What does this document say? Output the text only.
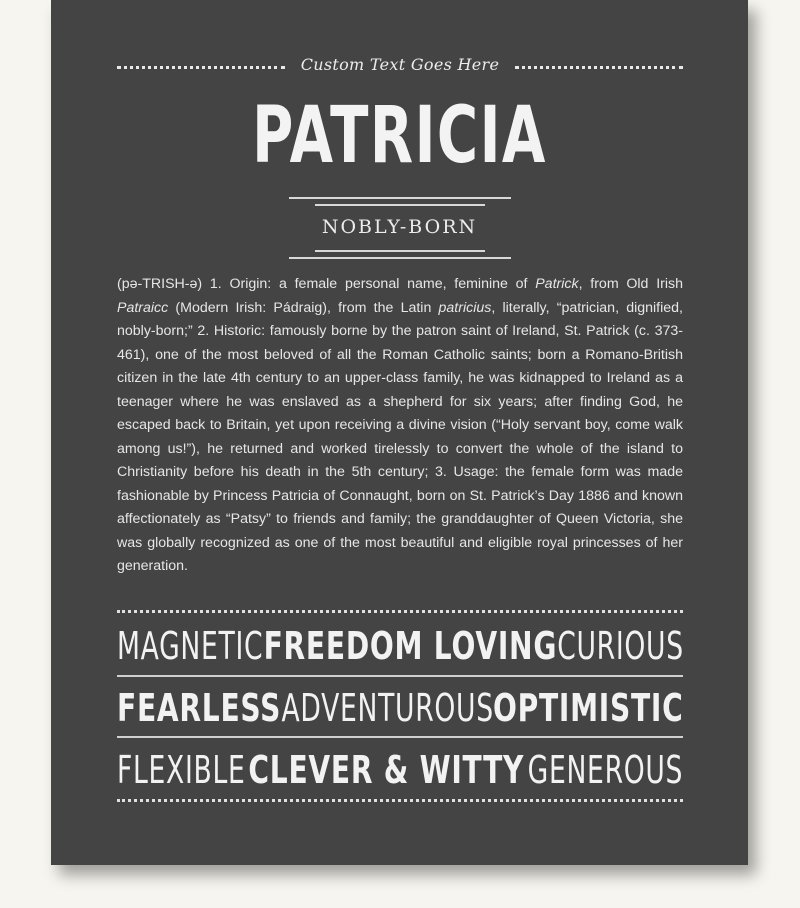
Custom Text Goes Here
PATRICIA
NOBLY-BORN
(pə-TRISH-ə) 1. Origin: a female personal name, feminine of Patrick, from Old Irish Patraicc (Modern Irish: Pádraig), from the Latin patricius, literally, “patrician, dignified, nobly-born;” 2. Historic: famously borne by the patron saint of Ireland, St. Patrick (c. 373-461), one of the most beloved of all the Roman Catholic saints; born a Romano-British citizen in the late 4th century to an upper-class family, he was kidnapped to Ireland as a teenager where he was enslaved as a shepherd for six years; after finding God, he escaped back to Britain, yet upon receiving a divine vision (“Holy servant boy, come walk among us!”), he returned and worked tirelessly to convert the whole of the island to Christianity before his death in the 5th century; 3. Usage: the female form was made fashionable by Princess Patricia of Connaught, born on St. Patrick’s Day 1886 and known affectionately as “Patsy” to friends and family; the granddaughter of Queen Victoria, she was globally recognized as one of the most beautiful and eligible royal princesses of her generation.
MAGNETIC FREEDOM LOVING CURIOUS
FEARLESS ADVENTUROUS OPTIMISTIC
FLEXIBLE CLEVER & WITTY GENEROUS
